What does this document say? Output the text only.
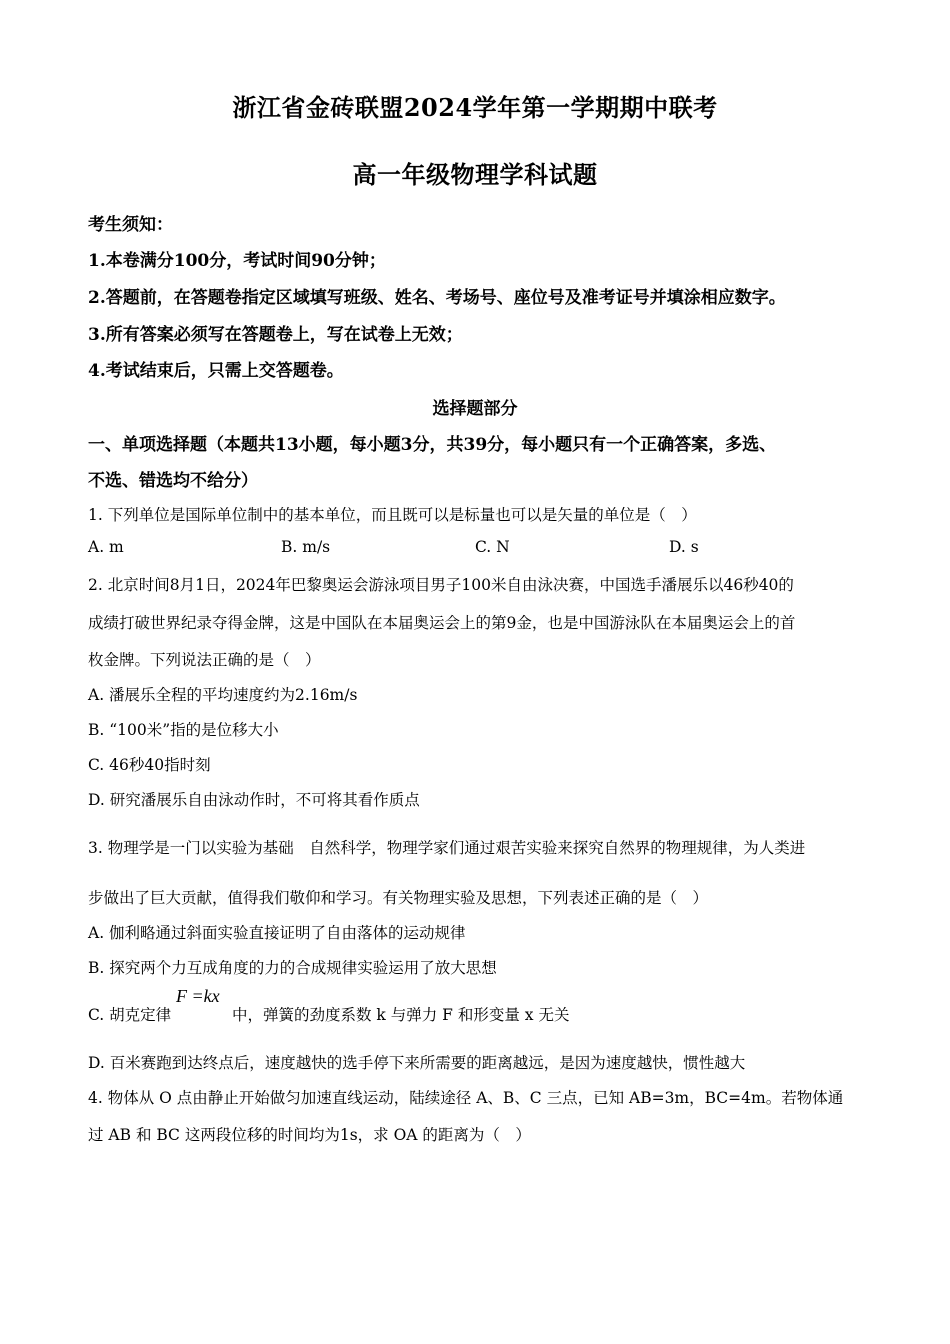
浙江省金砖联盟2024学年第一学期期中联考
高一年级物理学科试题
考生须知：
1.本卷满分100分，考试时间90分钟；
2.答题前，在答题卷指定区域填写班级、姓名、考场号、座位号及准考证号并填涂相应数字。
3.所有答案必须写在答题卷上，写在试卷上无效；
4.考试结束后，只需上交答题卷。
选择题部分
一、单项选择题（本题共13小题，每小题3分，共39分，每小题只有一个正确答案，多选、
不选、错选均不给分）
1. 下列单位是国际单位制中的基本单位，而且既可以是标量也可以是矢量的单位是（　）
A. m	B. m/s	C. N	D. s
2. 北京时间8月1日，2024年巴黎奥运会游泳项目男子100米自由泳决赛，中国选手潘展乐以46秒40的
成绩打破世界纪录夺得金牌，这是中国队在本届奥运会上的第9金，也是中国游泳队在本届奥运会上的首
枚金牌。下列说法正确的是（　）
A. 潘展乐全程的平均速度约为2.16m/s
B. “100米”指的是位移大小
C. 46秒40指时刻
D. 研究潘展乐自由泳动作时，不可将其看作质点
3. 物理学是一门以实验为基础　自然科学，物理学家们通过艰苦实验来探究自然界的物理规律，为人类进
步做出了巨大贡献，值得我们敬仰和学习。有关物理实验及思想，下列表述正确的是（　）
A. 伽利略通过斜面实验直接证明了自由落体的运动规律
B. 探究两个力互成角度的力的合成规律实验运用了放大思想
C. 胡克定律
F =kx
中，弹簧的劲度系数 k 与弹力 F 和形变量 x 无关
D. 百米赛跑到达终点后，速度越快的选手停下来所需要的距离越远，是因为速度越快，惯性越大
4. 物体从 O 点由静止开始做匀加速直线运动，陆续途径 A、B、C 三点，已知 AB=3m，BC=4m。若物体通
过 AB 和 BC 这两段位移的时间均为1s，求 OA 的距离为（　）
